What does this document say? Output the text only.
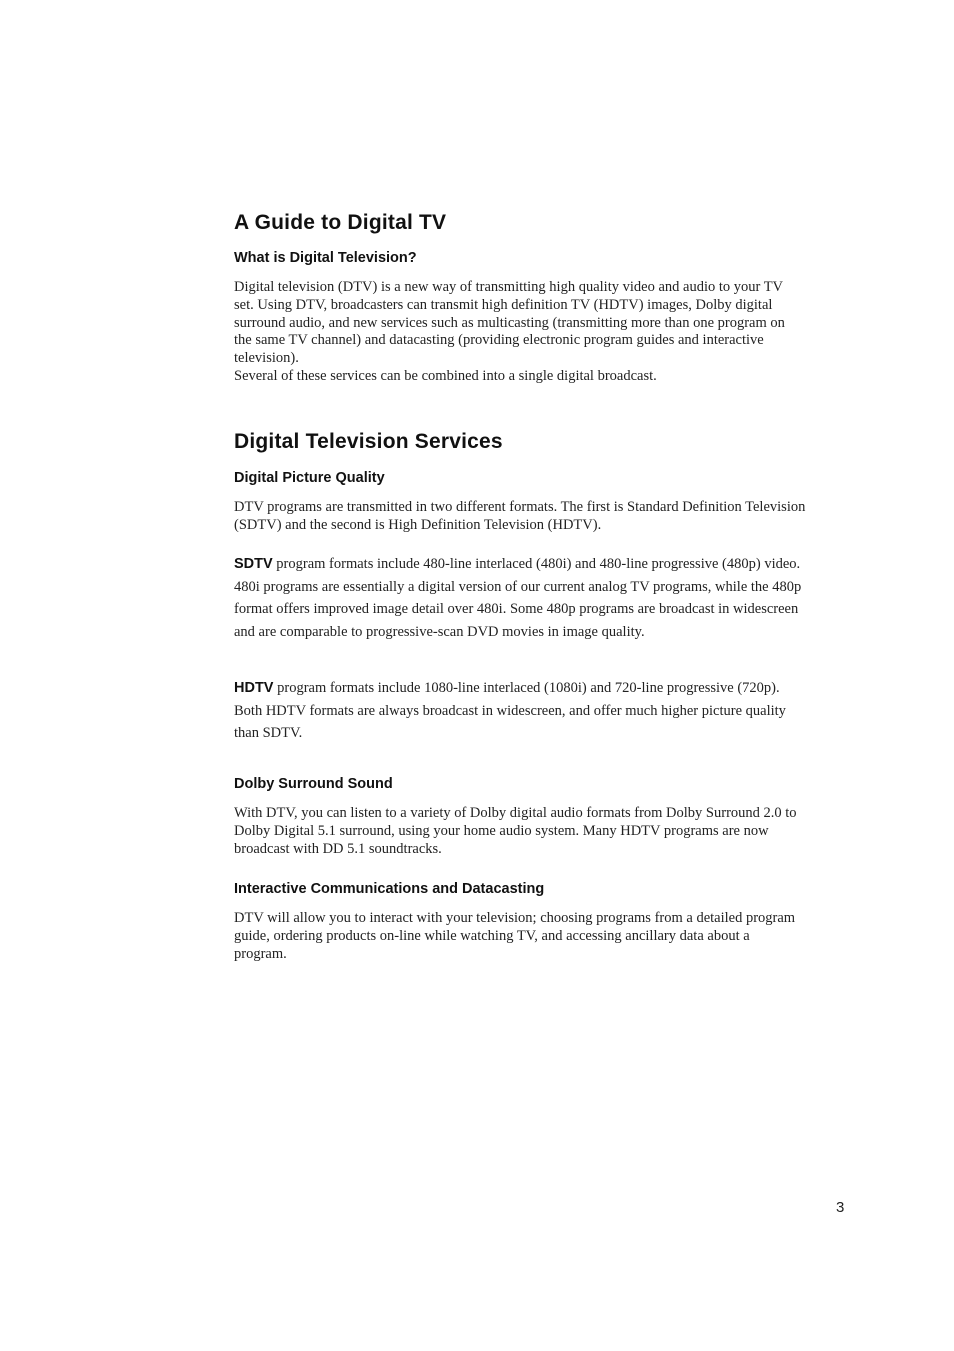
A Guide to Digital TV
What is Digital Television?

Digital television (DTV) is a new way of transmitting high quality video and audio to your TV set. Using DTV, broadcasters can transmit high definition TV (HDTV) images, Dolby digital surround audio, and new services such as multicasting (transmitting more than one program on the same TV channel) and datacasting (providing electronic program guides and interactive television).

Several of these services can be combined into a single digital broadcast.

Digital Television Services
Digital Picture Quality

DTV programs are transmitted in two different formats. The first is Standard Definition Television (SDTV) and the second is High Definition Television (HDTV).

SDTV program formats include 480-line interlaced (480i) and 480-line progressive (480p) video. 480i programs are essentially a digital version of our current analog TV programs, while the 480p format offers improved image detail over 480i. Some 480p programs are broadcast in widescreen and are comparable to progressive-scan DVD movies in image quality.

HDTV program formats include 1080-line interlaced (1080i) and 720-line progressive (720p). Both HDTV formats are always broadcast in widescreen, and offer much higher picture quality than SDTV.

Dolby Surround Sound

With DTV, you can listen to a variety of Dolby digital audio formats from Dolby Surround 2.0 to Dolby Digital 5.1 surround, using your home audio system. Many HDTV programs are now broadcast with DD 5.1 soundtracks.

Interactive Communications and Datacasting

DTV will allow you to interact with your television; choosing programs from a detailed program guide, ordering products on-line while watching TV, and accessing ancillary data about a program.

3
